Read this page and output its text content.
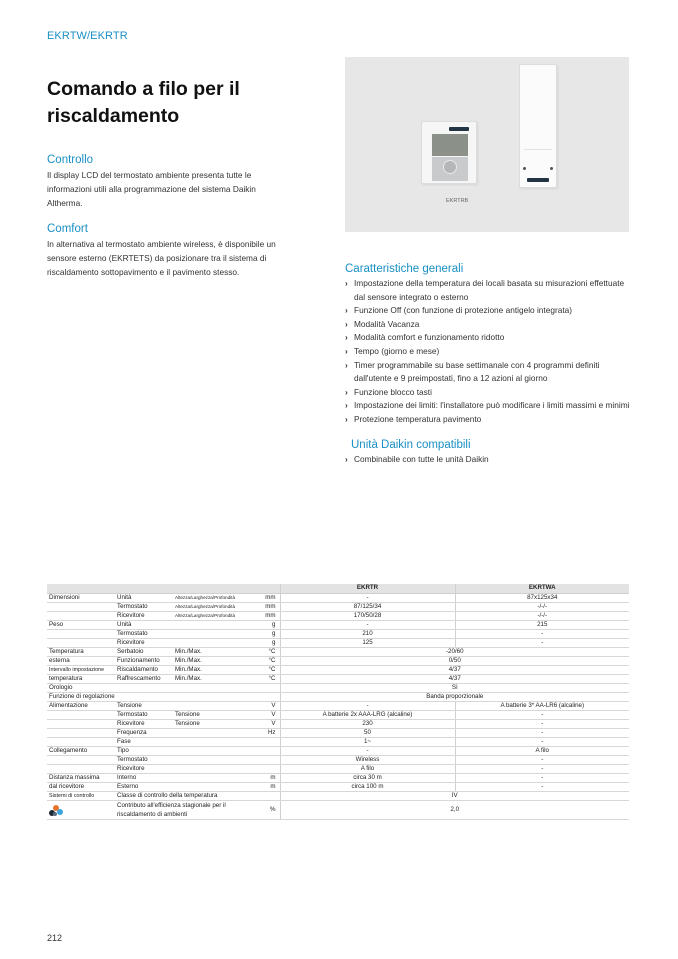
EKRTW/EKRTR
Comando a filo per il riscaldamento
Controllo

Il display LCD del termostato ambiente presenta tutte le informazioni utili alla programmazione del sistema Daikin Altherma.

Comfort

In alternativa al termostato ambiente wireless, è disponibile un sensore esterno (EKRTETS) da posizionare tra il sistema di riscaldamento sottopavimento e il pavimento stesso.

EKRTRB
Caratteristiche generali
› Impostazione della temperatura dei locali basata su misurazioni effettuate dal sensore integrato o esterno
› Funzione Off (con funzione di protezione antigelo integrata)
› Modalità Vacanza
› Modalità comfort e funzionamento ridotto
› Tempo (giorno e mese)
› Timer programmabile su base settimanale con 4 programmi definiti dall'utente e 9 preimpostati, fino a 12 azioni al giorno
› Funzione blocco tasti
› Impostazione dei limiti: l'installatore può modificare i limiti massimi e minimi
› Protezione temperatura pavimento
Unità Daikin compatibili
› Combinabile con tutte le unità Daikin
				EKRTR	EKRTWA
Dimensioni	Unità	Altezza/Larghezza/Profondità	mm	-	87x125x34
	Termostato	Altezza/Larghezza/Profondità	mm	87/125/34	-/-/-
	Ricevitore	Altezza/Larghezza/Profondità	mm	170/50/28	-/-/-
Peso	Unità		g	-	215
	Termostato		g	210	-
	Ricevitore		g	125	-
Temperatura	Serbatoio	Min./Max.	°C	-20/60	
esterna	Funzionamento	Min./Max.	°C	0/50	
Intervallo impostazione	Riscaldamento	Min./Max.	°C	4/37	
temperatura	Raffrescamento	Min./Max.	°C	4/37	
Orologio				Sì	
Funzione di regolazione				Banda proporzionale	
Alimentazione	Tensione		V	-	A batterie 3* AA-LR6 (alcaline)
	Termostato	Tensione	V	A batterie 2x AAA-LRG (alcaline)	-
	Ricevitore	Tensione	V	230	-
	Frequenza		Hz	50	-
	Fase			1~	-
Collegamento	Tipo			-	A filo
	Termostato			Wireless	-
	Ricevitore			A filo	-
Distanza massima	Interno		m	circa 30 m	-
dal ricevitore	Esterno		m	circa 100 m	-
Sistemi di controllo	Classe di controllo della temperatura			IV	

	Contributo all'efficienza stagionale per il riscaldamento di ambienti		%	2,0	
212
